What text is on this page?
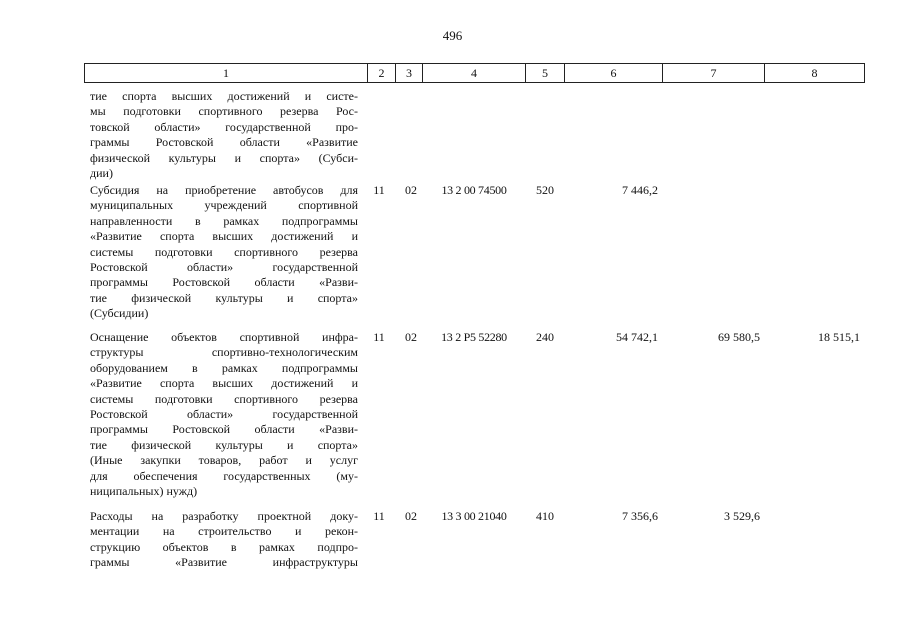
496
1	2	3	4	5	6	7	8
тие спорта высших достижений и систе-
мы подготовки спортивного резерва Рос-
товской области» государственной про-
граммы Ростовской области «Развитие
физической культуры и спорта» (Субси-
дии)
Субсидия на приобретение автобусов для
муниципальных учреждений спортивной
направленности в рамках подпрограммы
«Развитие спорта высших достижений и
системы подготовки спортивного резерва
Ростовской области» государственной
программы Ростовской области «Разви-
тие физической культуры и спорта»
(Субсидии)
11	02	13 2 00 74500	520	7 446,2
Оснащение объектов спортивной инфра-
структуры спортивно-технологическим
оборудованием в рамках подпрограммы
«Развитие спорта высших достижений и
системы подготовки спортивного резерва
Ростовской области» государственной
программы Ростовской области «Разви-
тие физической культуры и спорта»
(Иные закупки товаров, работ и услуг
для обеспечения государственных (му-
ниципальных) нужд)
11	02	13 2 P5 52280	240	54 742,1	69 580,5	18 515,1
Расходы на разработку проектной доку-
ментации на строительство и рекон-
струкцию объектов в рамках подпро-
граммы «Развитие инфраструктуры
11	02	13 3 00 21040	410	7 356,6	3 529,6
